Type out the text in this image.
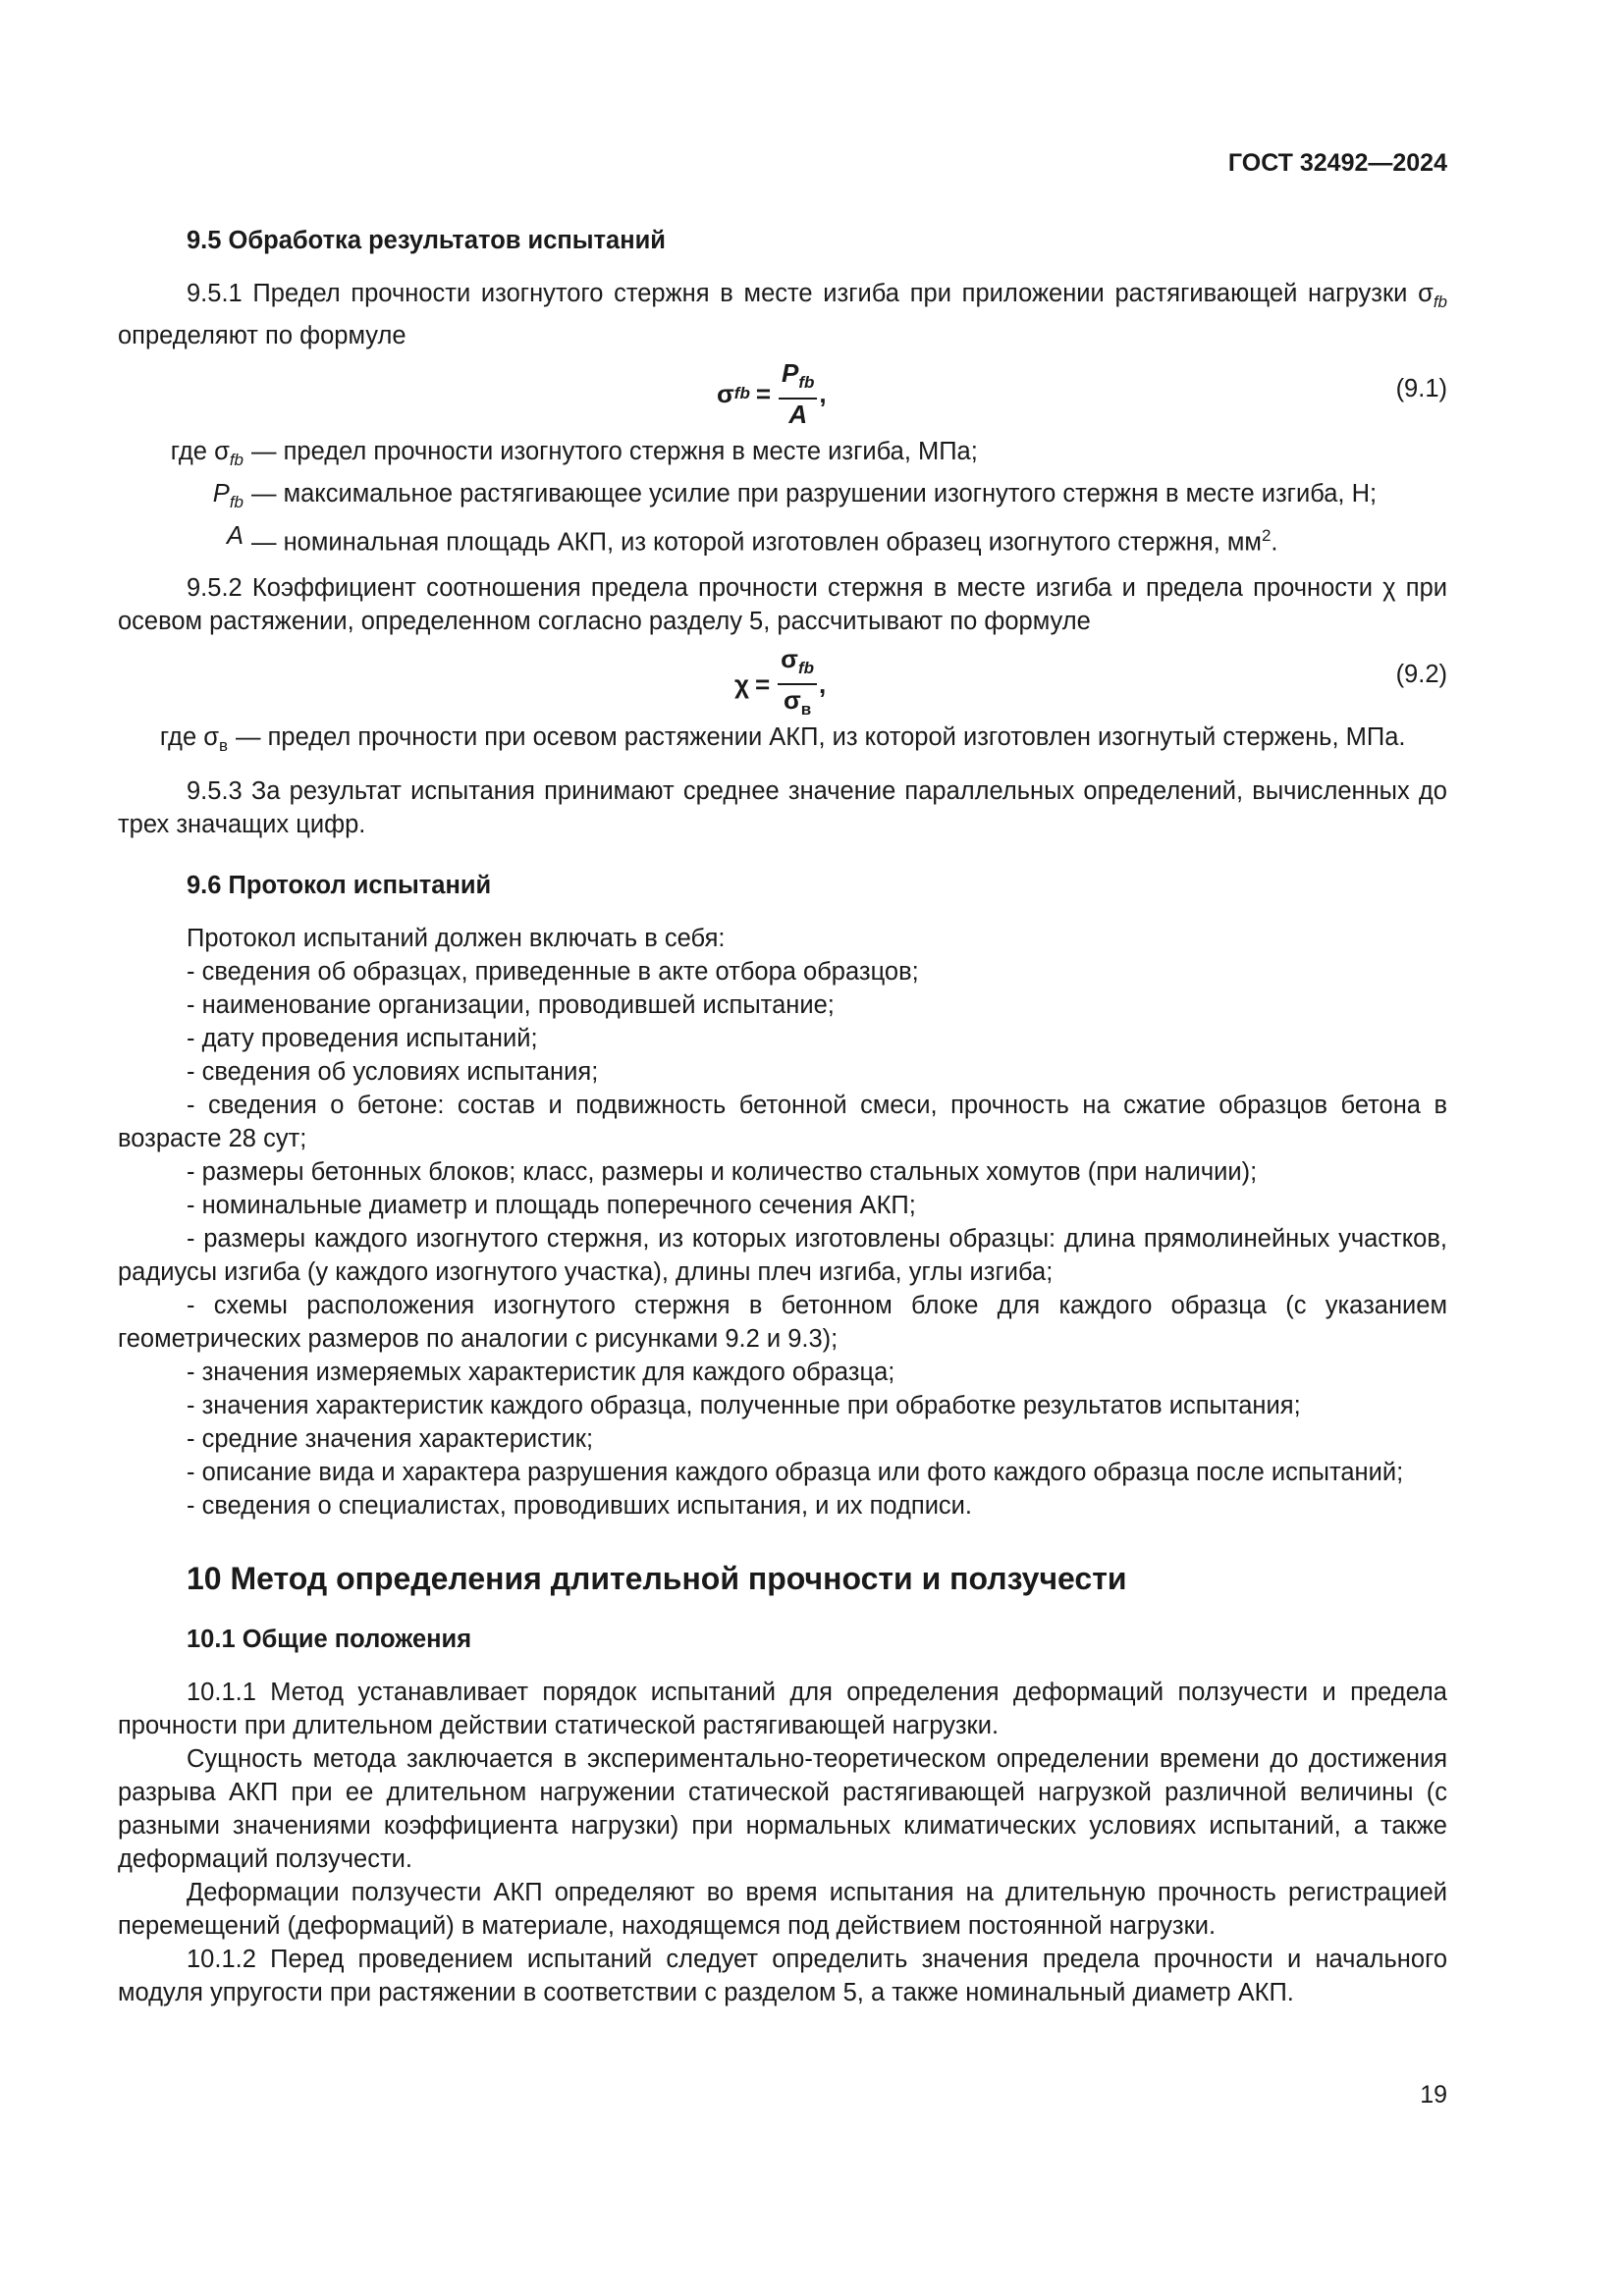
ГОСТ 32492—2024
9.5 Обработка результатов испытаний

9.5.1 Предел прочности изогнутого стержня в месте изгиба при приложении растягивающей нагрузки $\sigma_{fb}$ определяют по формуле

σ fb = $\frac{P_{fb}}{A}$ ,	(9.1)
где $\sigma_{fb}$ — предел прочности изогнутого стержня в месте изгиба, МПа;
$P_{fb}$ — максимальное растягивающее усилие при разрушении изогнутого стержня в месте изгиба, Н;
A — номинальная площадь АКП, из которой изготовлен образец изогнутого стержня, $мм^2$.

9.5.2 Коэффициент соотношения предела прочности стержня в месте изгиба и предела прочности χ при осевом растяжении, определенном согласно разделу 5, рассчитывают по формуле

$\chi = \frac{\sigma_{fb}}{\sigma_в}$ ,	(9.2)
где $\sigma_в$ — предел прочности при осевом растяжении АКП, из которой изготовлен изогнутый стержень, МПа.

9.5.3 За результат испытания принимают среднее значение параллельных определений, вычисленных до трех значащих цифр.

9.6 Протокол испытаний

Протокол испытаний должен включать в себя:

- сведения об образцах, приведенные в акте отбора образцов;

- наименование организации, проводившей испытание;

- дату проведения испытаний;

- сведения об условиях испытания;

- сведения о бетоне: состав и подвижность бетонной смеси, прочность на сжатие образцов бетона в возрасте 28 сут;

- размеры бетонных блоков; класс, размеры и количество стальных хомутов (при наличии);

- номинальные диаметр и площадь поперечного сечения АКП;

- размеры каждого изогнутого стержня, из которых изготовлены образцы: длина прямолинейных участков, радиусы изгиба (у каждого изогнутого участка), длины плеч изгиба, углы изгиба;

- схемы расположения изогнутого стержня в бетонном блоке для каждого образца (с указанием геометрических размеров по аналогии с рисунками 9.2 и 9.3);

- значения измеряемых характеристик для каждого образца;

- значения характеристик каждого образца, полученные при обработке результатов испытания;

- средние значения характеристик;

- описание вида и характера разрушения каждого образца или фото каждого образца после испытаний;

- сведения о специалистах, проводивших испытания, и их подписи.

10 Метод определения длительной прочности и ползучести
10.1 Общие положения

10.1.1 Метод устанавливает порядок испытаний для определения деформаций ползучести и предела прочности при длительном действии статической растягивающей нагрузки.

Сущность метода заключается в экспериментально-теоретическом определении времени до достижения разрыва АКП при ее длительном нагружении статической растягивающей нагрузкой различной величины (с разными значениями коэффициента нагрузки) при нормальных климатических условиях испытаний, а также деформаций ползучести.

Деформации ползучести АКП определяют во время испытания на длительную прочность регистрацией перемещений (деформаций) в материале, находящемся под действием постоянной нагрузки.

10.1.2 Перед проведением испытаний следует определить значения предела прочности и начального модуля упругости при растяжении в соответствии с разделом 5, а также номинальный диаметр АКП.

19
